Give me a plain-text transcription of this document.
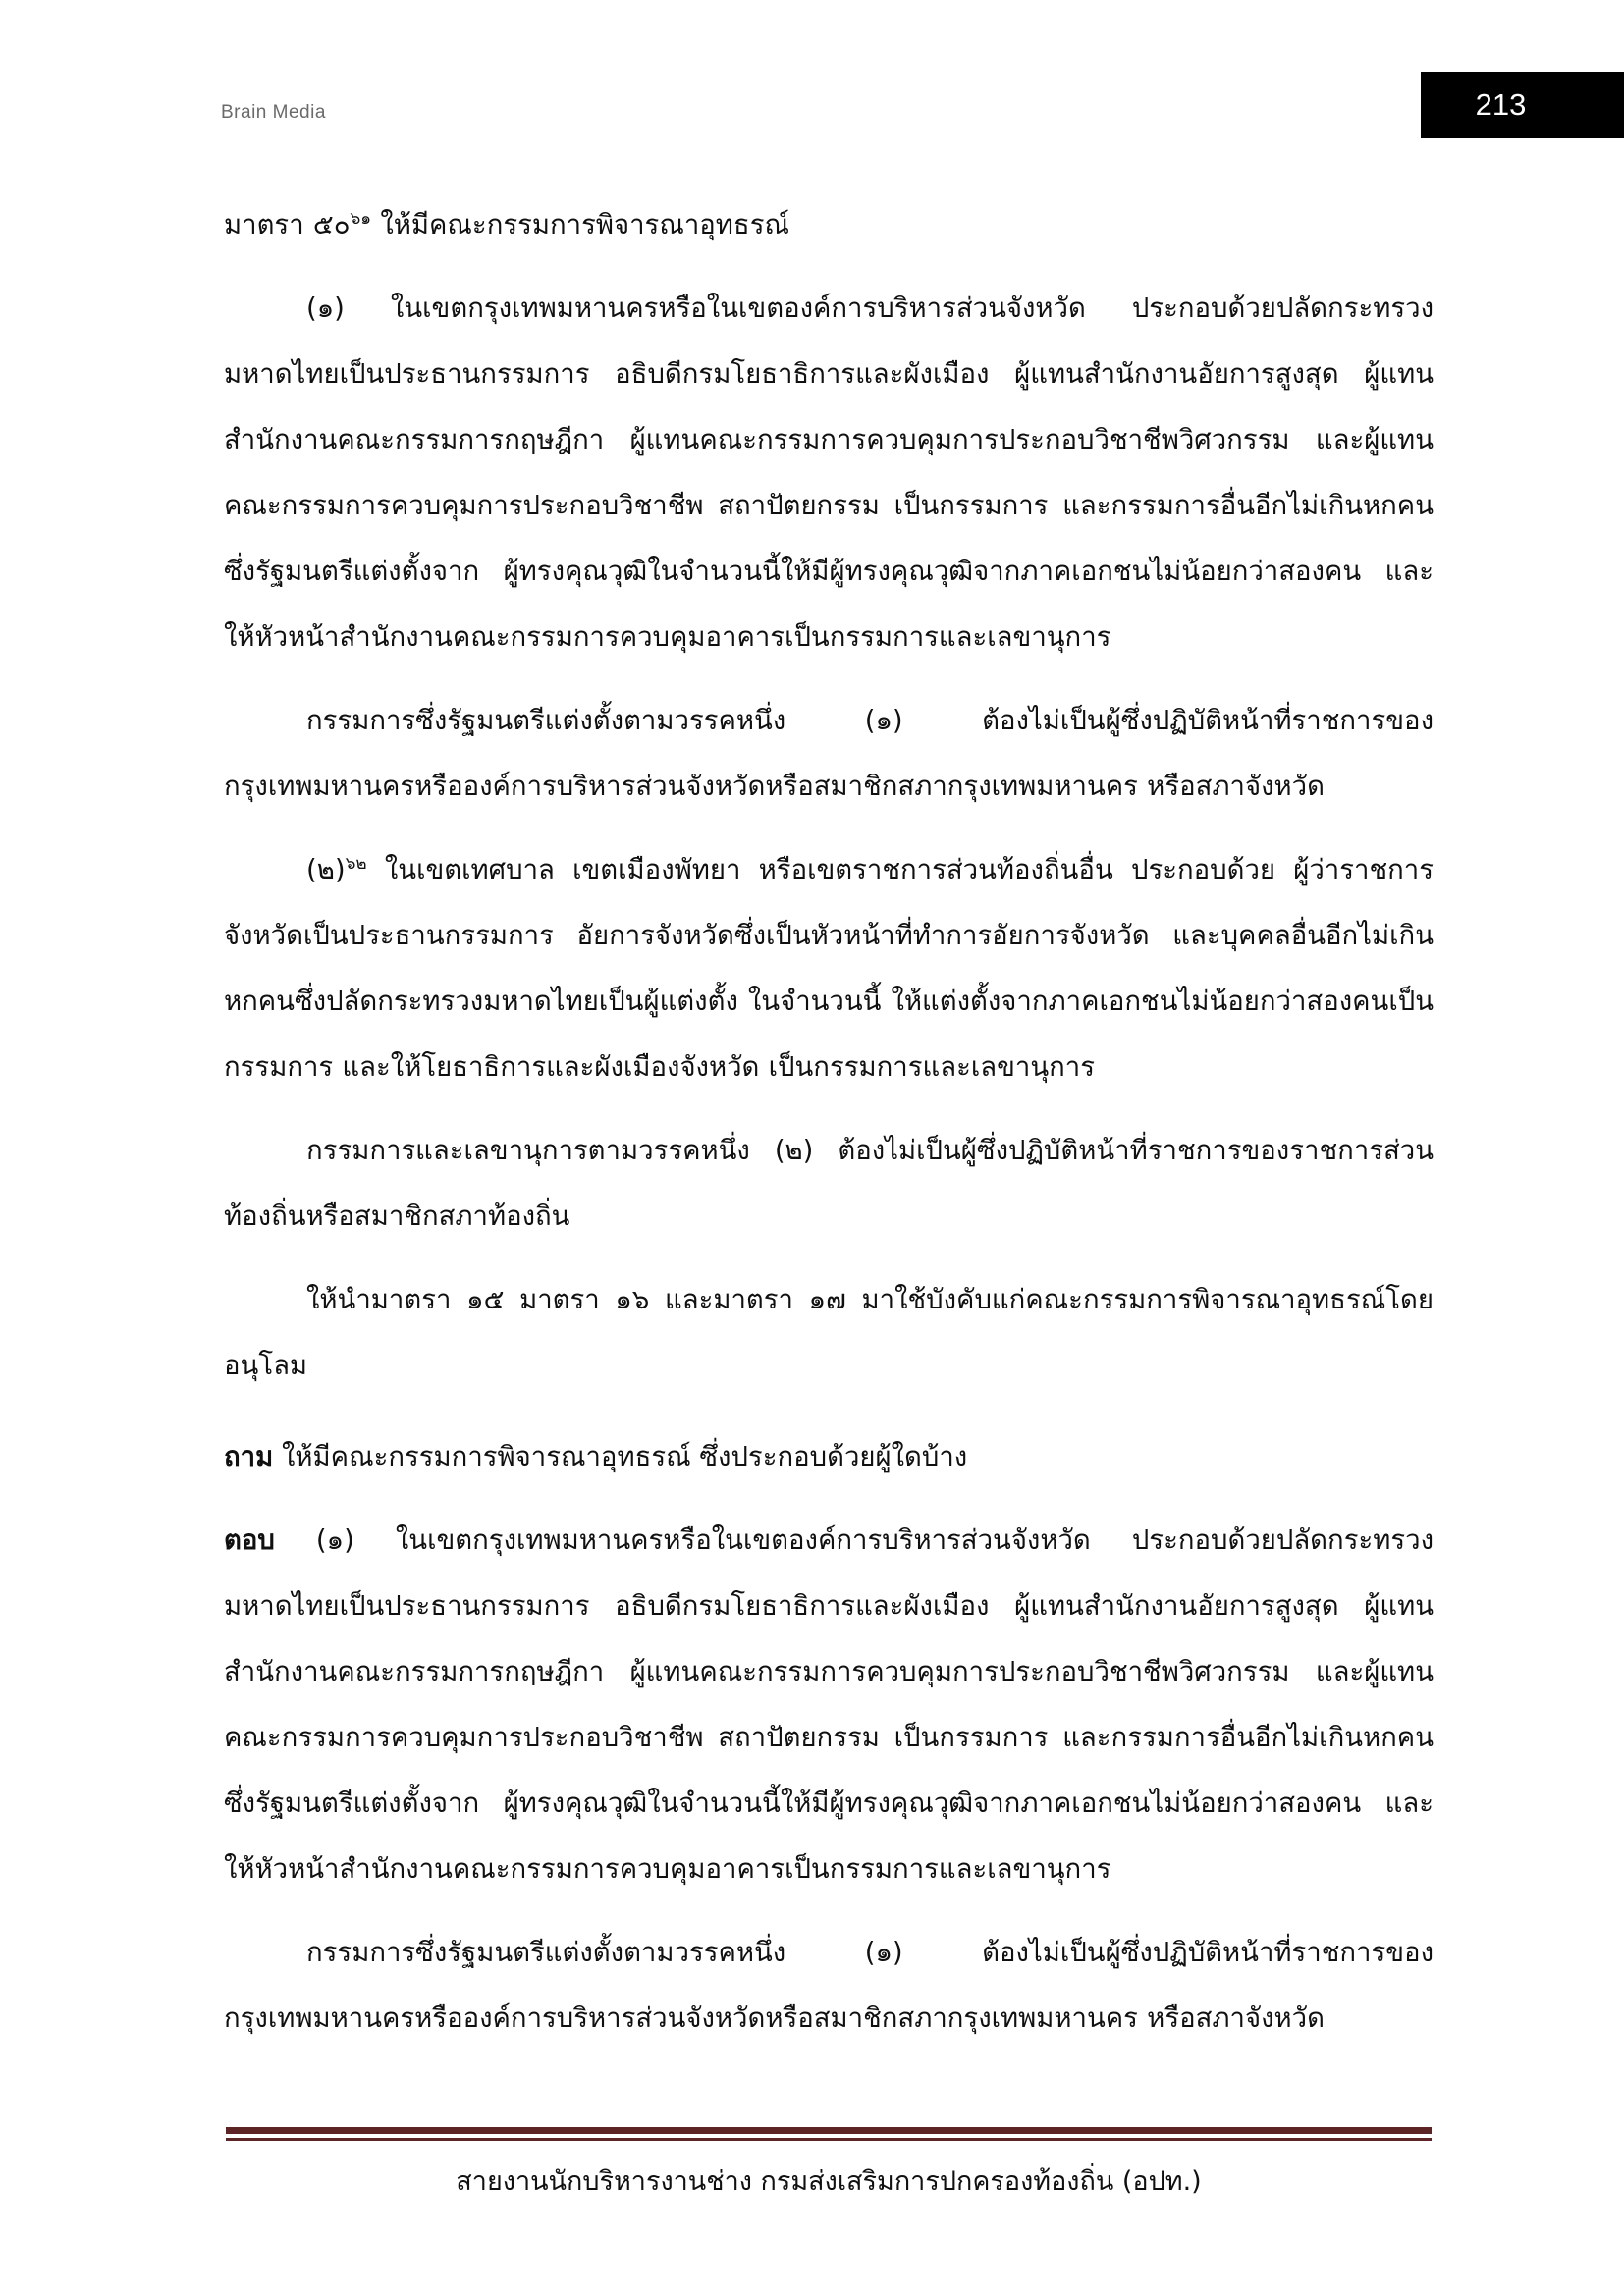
Brain Media	213
มาตรา ๕๐$^{๖๑}$ ให้มีคณะกรรมการพิจารณาอุทธรณ์
(๑) ในเขตกรุงเทพมหานครหรือในเขตองค์การบริหารส่วนจังหวัด ประกอบด้วยปลัดกระทรวงมหาดไทยเป็นประธานกรรมการ อธิบดีกรมโยธาธิการและผังเมือง ผู้แทนสำนักงานอัยการสูงสุด ผู้แทนสำนักงานคณะกรรมการกฤษฎีกา ผู้แทนคณะกรรมการควบคุมการประกอบวิชาชีพวิศวกรรม และผู้แทนคณะกรรมการควบคุมการประกอบวิชาชีพ สถาปัตยกรรม เป็นกรรมการ และกรรมการอื่นอีกไม่เกินหกคน ซึ่งรัฐมนตรีแต่งตั้งจาก ผู้ทรงคุณวุฒิในจำนวนนี้ให้มีผู้ทรงคุณวุฒิจากภาคเอกชนไม่น้อยกว่าสองคน และให้หัวหน้าสำนักงานคณะกรรมการควบคุมอาคารเป็นกรรมการและเลขานุการ
กรรมการซึ่งรัฐมนตรีแต่งตั้งตามวรรคหนึ่ง (๑) ต้องไม่เป็นผู้ซึ่งปฏิบัติหน้าที่ราชการของกรุงเทพมหานครหรือองค์การบริหารส่วนจังหวัดหรือสมาชิกสภากรุงเทพมหานคร หรือสภาจังหวัด
(๒)$^{๖๒}$ ในเขตเทศบาล เขตเมืองพัทยา หรือเขตราชการส่วนท้องถิ่นอื่น ประกอบด้วย ผู้ว่าราชการจังหวัดเป็นประธานกรรมการ อัยการจังหวัดซึ่งเป็นหัวหน้าที่ทำการอัยการจังหวัด และบุคคลอื่นอีกไม่เกินหกคนซึ่งปลัดกระทรวงมหาดไทยเป็นผู้แต่งตั้ง ในจำนวนนี้ ให้แต่งตั้งจากภาคเอกชนไม่น้อยกว่าสองคนเป็นกรรมการ และให้โยธาธิการและผังเมืองจังหวัด เป็นกรรมการและเลขานุการ
กรรมการและเลขานุการตามวรรคหนึ่ง (๒) ต้องไม่เป็นผู้ซึ่งปฏิบัติหน้าที่ราชการของราชการส่วนท้องถิ่นหรือสมาชิกสภาท้องถิ่น
ให้นำมาตรา ๑๕ มาตรา ๑๖ และมาตรา ๑๗ มาใช้บังคับแก่คณะกรรมการพิจารณาอุทธรณ์โดยอนุโลม
ถาม ให้มีคณะกรรมการพิจารณาอุทธรณ์ ซึ่งประกอบด้วยผู้ใดบ้าง
ตอบ (๑) ในเขตกรุงเทพมหานครหรือในเขตองค์การบริหารส่วนจังหวัด ประกอบด้วยปลัดกระทรวงมหาดไทยเป็นประธานกรรมการ อธิบดีกรมโยธาธิการและผังเมือง ผู้แทนสำนักงานอัยการสูงสุด ผู้แทนสำนักงานคณะกรรมการกฤษฎีกา ผู้แทนคณะกรรมการควบคุมการประกอบวิชาชีพวิศวกรรม และผู้แทนคณะกรรมการควบคุมการประกอบวิชาชีพ สถาปัตยกรรม เป็นกรรมการ และกรรมการอื่นอีกไม่เกินหกคน ซึ่งรัฐมนตรีแต่งตั้งจาก ผู้ทรงคุณวุฒิในจำนวนนี้ให้มีผู้ทรงคุณวุฒิจากภาคเอกชนไม่น้อยกว่าสองคน และให้หัวหน้าสำนักงานคณะกรรมการควบคุมอาคารเป็นกรรมการและเลขานุการ
กรรมการซึ่งรัฐมนตรีแต่งตั้งตามวรรคหนึ่ง (๑) ต้องไม่เป็นผู้ซึ่งปฏิบัติหน้าที่ราชการของกรุงเทพมหานครหรือองค์การบริหารส่วนจังหวัดหรือสมาชิกสภากรุงเทพมหานคร หรือสภาจังหวัด
สายงานนักบริหารงานช่าง กรมส่งเสริมการปกครองท้องถิ่น (อปท.)
